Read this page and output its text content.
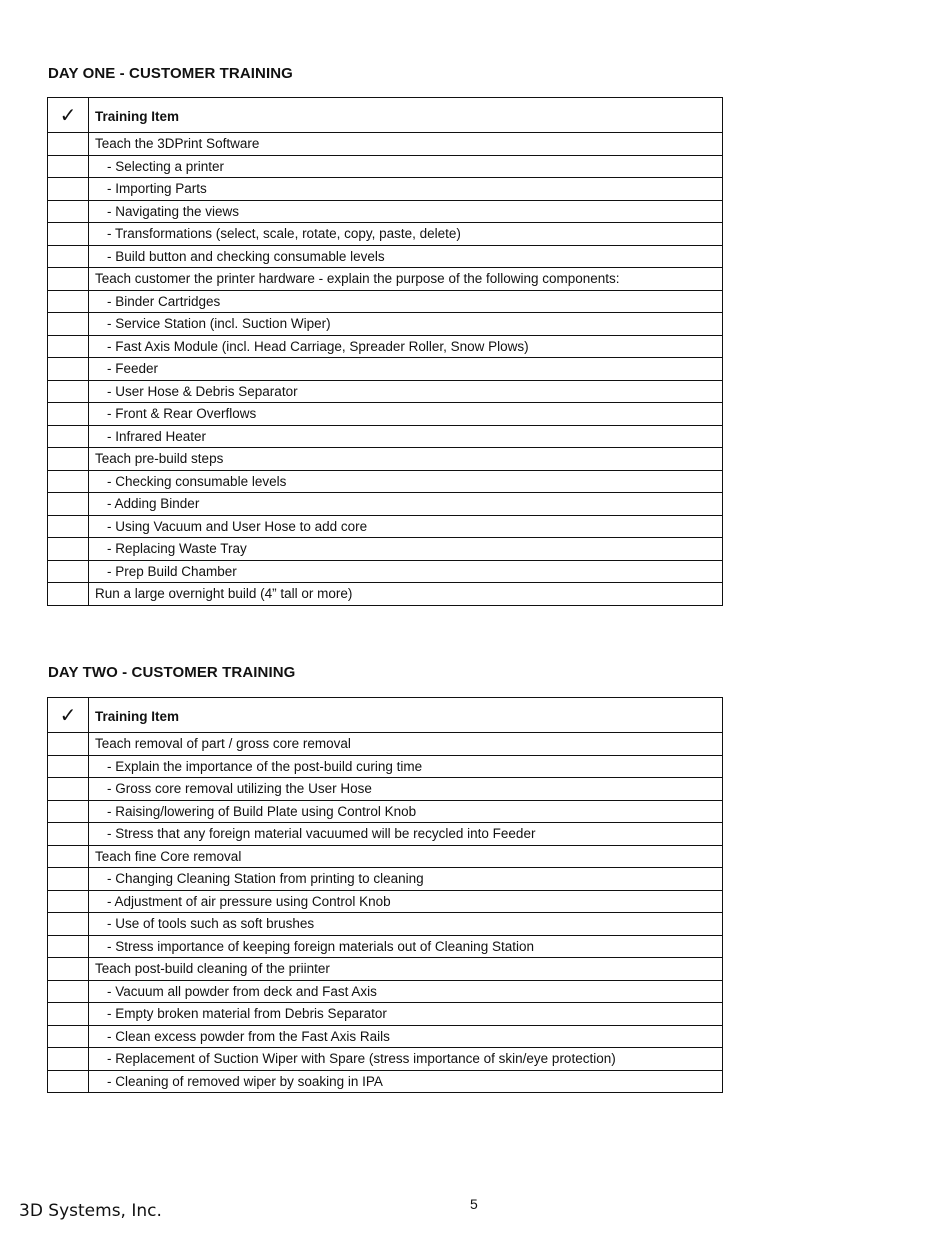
DAY ONE - CUSTOMER TRAINING
✓	Training Item
	Teach the 3DPrint Software
	- Selecting a printer
	- Importing Parts
	- Navigating the views
	- Transformations (select, scale, rotate, copy, paste, delete)
	- Build button and checking consumable levels
	Teach customer the printer hardware - explain the purpose of the following components:
	- Binder Cartridges
	- Service Station (incl. Suction Wiper)
	- Fast Axis Module (incl. Head Carriage, Spreader Roller, Snow Plows)
	- Feeder
	- User Hose & Debris Separator
	- Front & Rear Overflows
	- Infrared Heater
	Teach pre-build steps
	- Checking consumable levels
	- Adding Binder
	- Using Vacuum and User Hose to add core
	- Replacing Waste Tray
	- Prep Build Chamber
	Run a large overnight build (4” tall or more)
DAY TWO - CUSTOMER TRAINING
✓	Training Item
	Teach removal of part / gross core removal
	- Explain the importance of the post-build curing time
	- Gross core removal utilizing the User Hose
	- Raising/lowering of Build Plate using Control Knob
	- Stress that any foreign material vacuumed will be recycled into Feeder
	Teach fine Core removal
	- Changing Cleaning Station from printing to cleaning
	- Adjustment of air pressure using Control Knob
	- Use of tools such as soft brushes
	- Stress importance of keeping foreign materials out of Cleaning Station
	Teach post-build cleaning of the priinter
	- Vacuum all powder from deck and Fast Axis
	- Empty broken material from Debris Separator
	- Clean excess powder from the Fast Axis Rails
	- Replacement of Suction Wiper with Spare (stress importance of skin/eye protection)
	- Cleaning of removed wiper by soaking in IPA

5

3D Systems, Inc.
